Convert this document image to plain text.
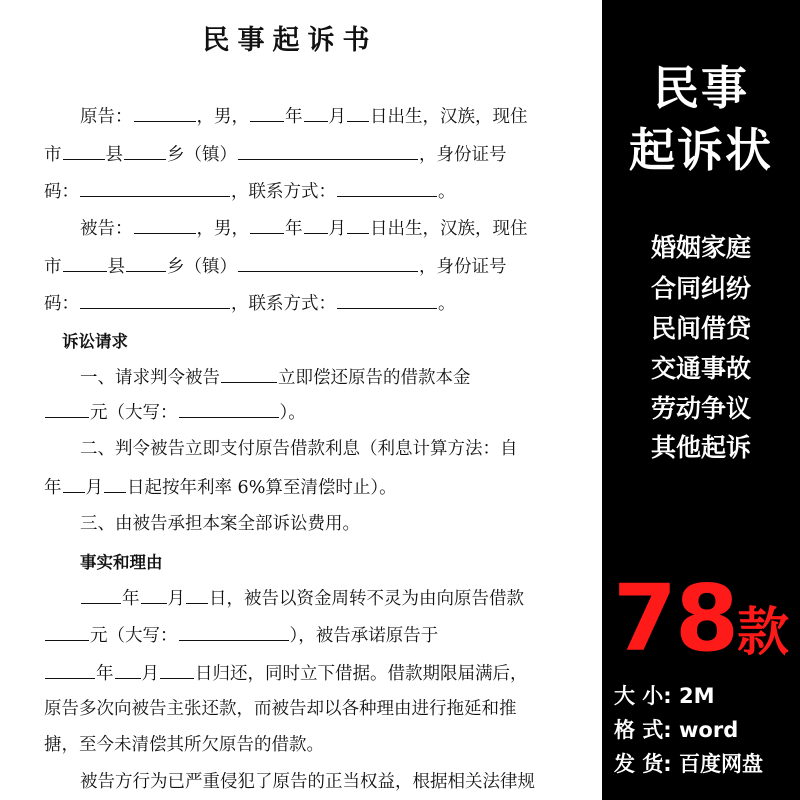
民事起诉书
原告：	，男， 年 月 日出生，汉族，现住
市	县	乡（镇）	，身份证号
码：	，联系方式：	。
被告：	，男， 年 月 日出生，汉族，现住
市	县 乡（镇）	，身份证号
码：	，联系方式：	。
诉讼请求
一、请求判令被告	立即偿还原告的借款本金
元（大写：	）。
二、判令被告立即支付原告借款利息（利息计算方法：自
年 月 日起按年利率 6%算至清偿时止）。
三、由被告承担本案全部诉讼费用。
事实和理由
年 月 日，被告以资金周转不灵为由向原告借款
元（大写：	），被告承诺原告于
年 月 日归还，同时立下借据。借款期限届满后，
原告多次向被告主张还款，而被告却以各种理由进行拖延和推
搪，至今未清偿其所欠原告的借款。
被告方行为已严重侵犯了原告的正当权益，根据相关法律规
民事
起诉状
婚姻家庭
合同纠纷
民间借贷
交通事故
劳动争议
其他起诉
78款
大 小: 2M
格 式: word
发 货: 百度网盘
